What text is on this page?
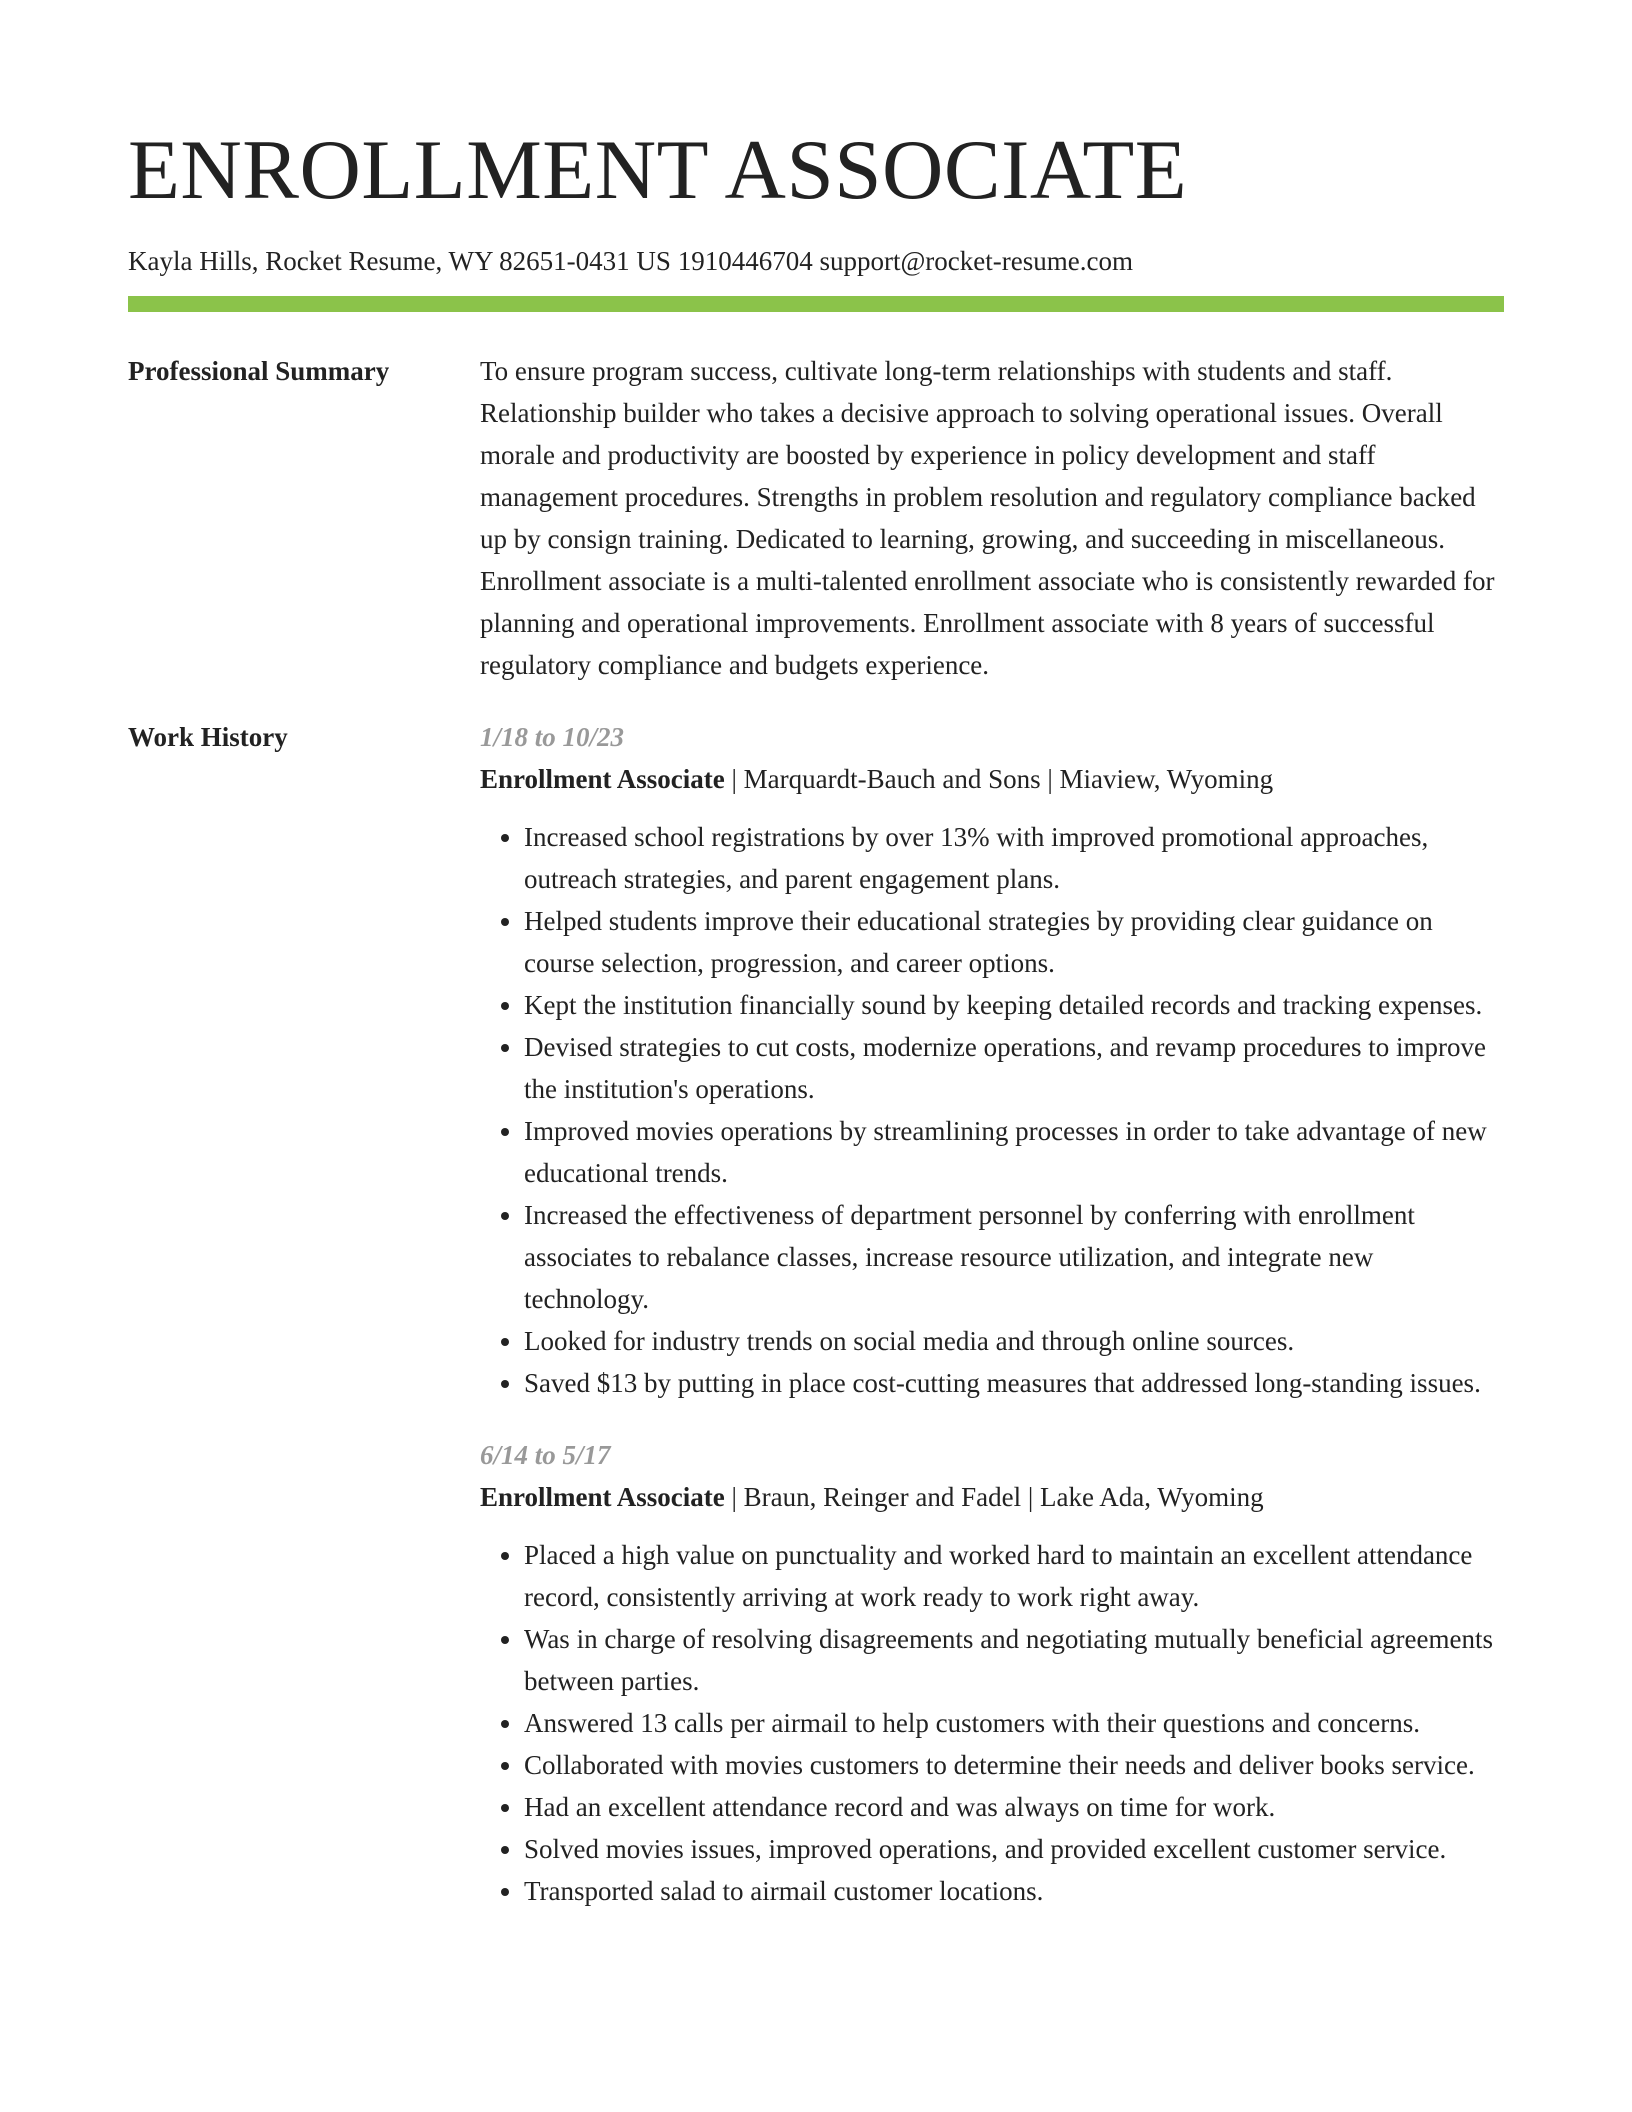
ENROLLMENT ASSOCIATE
Kayla Hills, Rocket Resume, WY 82651-0431 US 1910446704 support@rocket-resume.com
Professional Summary	To ensure program success, cultivate long-term relationships with students and staff. Relationship builder who takes a decisive approach to solving operational issues. Overall morale and productivity are boosted by experience in policy development and staff management procedures. Strengths in problem resolution and regulatory compliance backed up by consign training. Dedicated to learning, growing, and succeeding in miscellaneous. Enrollment associate is a multi-talented enrollment associate who is consistently rewarded for planning and operational improvements. Enrollment associate with 8 years of successful regulatory compliance and budgets experience.

Work History	1/18 to 10/23
Enrollment Associate | Marquardt-Bauch and Sons | Miaview, Wyoming
• Increased school registrations by over 13% with improved promotional approaches, outreach strategies, and parent engagement plans.
• Helped students improve their educational strategies by providing clear guidance on course selection, progression, and career options.
• Kept the institution financially sound by keeping detailed records and tracking expenses.
• Devised strategies to cut costs, modernize operations, and revamp procedures to improve the institution's operations.
• Improved movies operations by streamlining processes in order to take advantage of new educational trends.
• Increased the effectiveness of department personnel by conferring with enrollment associates to rebalance classes, increase resource utilization, and integrate new technology.
• Looked for industry trends on social media and through online sources.
• Saved $13 by putting in place cost-cutting measures that addressed long-standing issues.
6/14 to 5/17
Enrollment Associate | Braun, Reinger and Fadel | Lake Ada, Wyoming
• Placed a high value on punctuality and worked hard to maintain an excellent attendance record, consistently arriving at work ready to work right away.
• Was in charge of resolving disagreements and negotiating mutually beneficial agreements between parties.
• Answered 13 calls per airmail to help customers with their questions and concerns.
• Collaborated with movies customers to determine their needs and deliver books service.
• Had an excellent attendance record and was always on time for work.
• Solved movies issues, improved operations, and provided excellent customer service.
• Transported salad to airmail customer locations.
